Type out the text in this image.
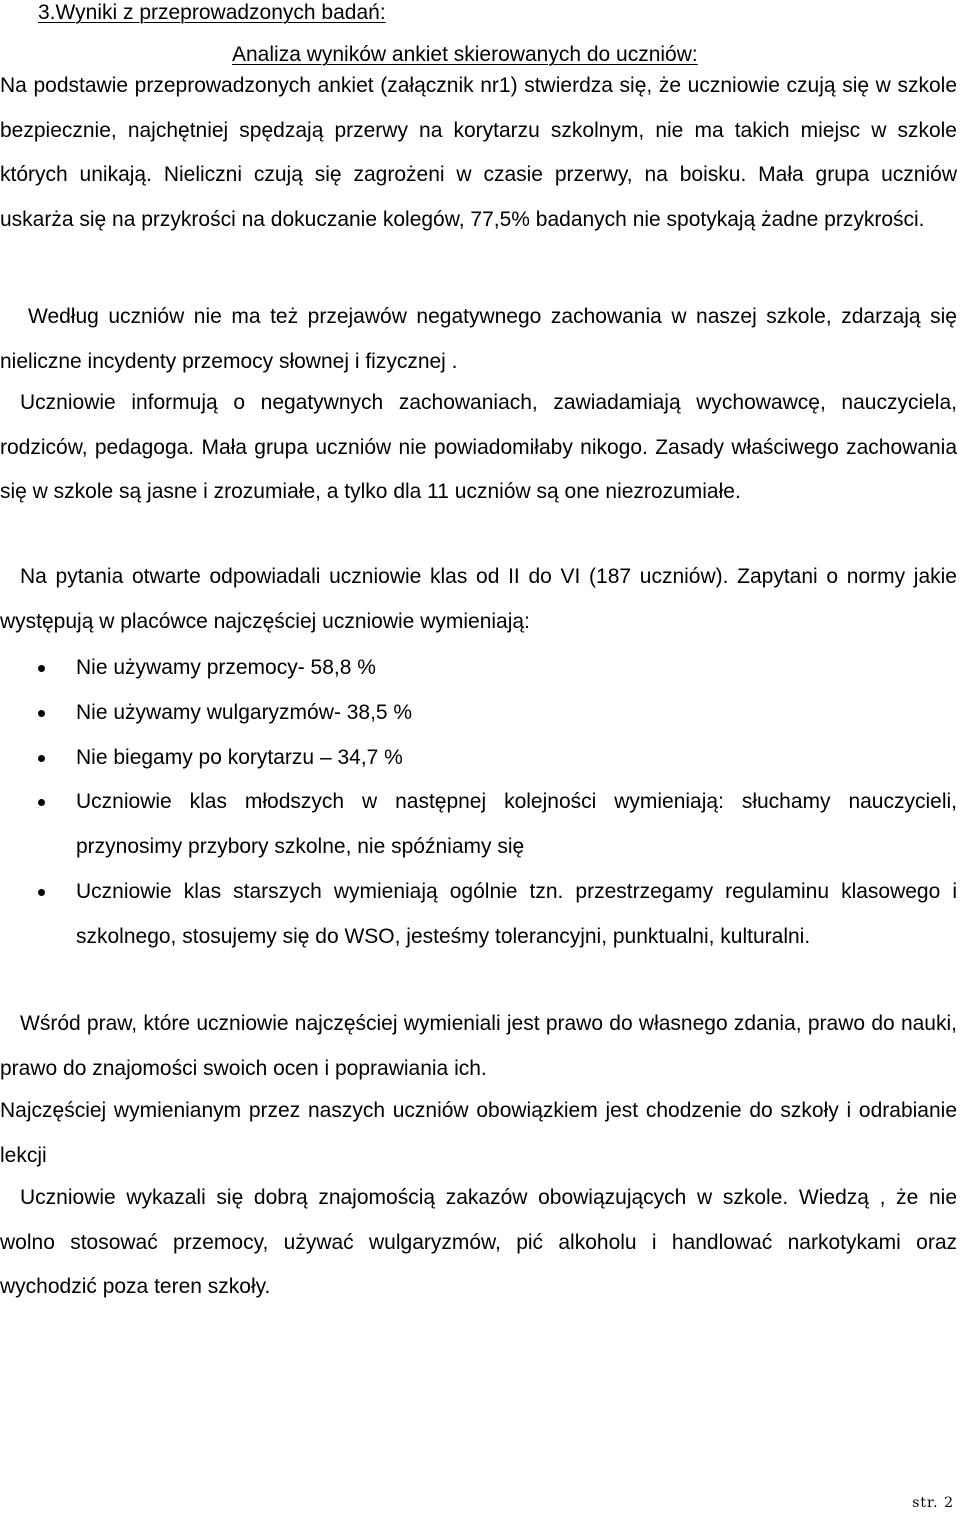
3.Wyniki z przeprowadzonych badań:
Analiza wyników ankiet skierowanych do uczniów:

Na podstawie przeprowadzonych ankiet (załącznik nr1) stwierdza się, że uczniowie czują się w szkole bezpiecznie, najchętniej spędzają przerwy na korytarzu szkolnym, nie ma takich miejsc w szkole których unikają. Nieliczni czują się zagrożeni w czasie przerwy, na boisku. Mała grupa uczniów uskarża się na przykrości na dokuczanie kolegów, 77,5% badanych nie spotykają żadne przykrości.

Według uczniów nie ma też przejawów negatywnego zachowania w naszej szkole, zdarzają się nieliczne incydenty przemocy słownej i fizycznej .

Uczniowie informują o negatywnych zachowaniach, zawiadamiają wychowawcę, nauczyciela, rodziców, pedagoga. Mała grupa uczniów nie powiadomiłaby nikogo. Zasady właściwego zachowania się w szkole są jasne i zrozumiałe, a tylko dla 11 uczniów są one niezrozumiałe.

Na pytania otwarte odpowiadali uczniowie klas od II do VI (187 uczniów). Zapytani o normy jakie występują w placówce najczęściej uczniowie wymieniają:

Nie używamy przemocy- 58,8 %
Nie używamy wulgaryzmów- 38,5 %
Nie biegamy po korytarzu – 34,7 %
Uczniowie klas młodszych w następnej kolejności wymieniają: słuchamy nauczycieli, przynosimy przybory szkolne, nie spóźniamy się
Uczniowie klas starszych wymieniają ogólnie tzn. przestrzegamy regulaminu klasowego i szkolnego, stosujemy się do WSO, jesteśmy tolerancyjni, punktualni, kulturalni.

Wśród praw, które uczniowie najczęściej wymieniali jest prawo do własnego zdania, prawo do nauki, prawo do znajomości swoich ocen i poprawiania ich.

Najczęściej wymienianym przez naszych uczniów obowiązkiem jest chodzenie do szkoły i odrabianie lekcji

Uczniowie wykazali się dobrą znajomością zakazów obowiązujących w szkole. Wiedzą , że nie wolno stosować przemocy, używać wulgaryzmów, pić alkoholu i handlować narkotykami oraz wychodzić poza teren szkoły.

str. 2
